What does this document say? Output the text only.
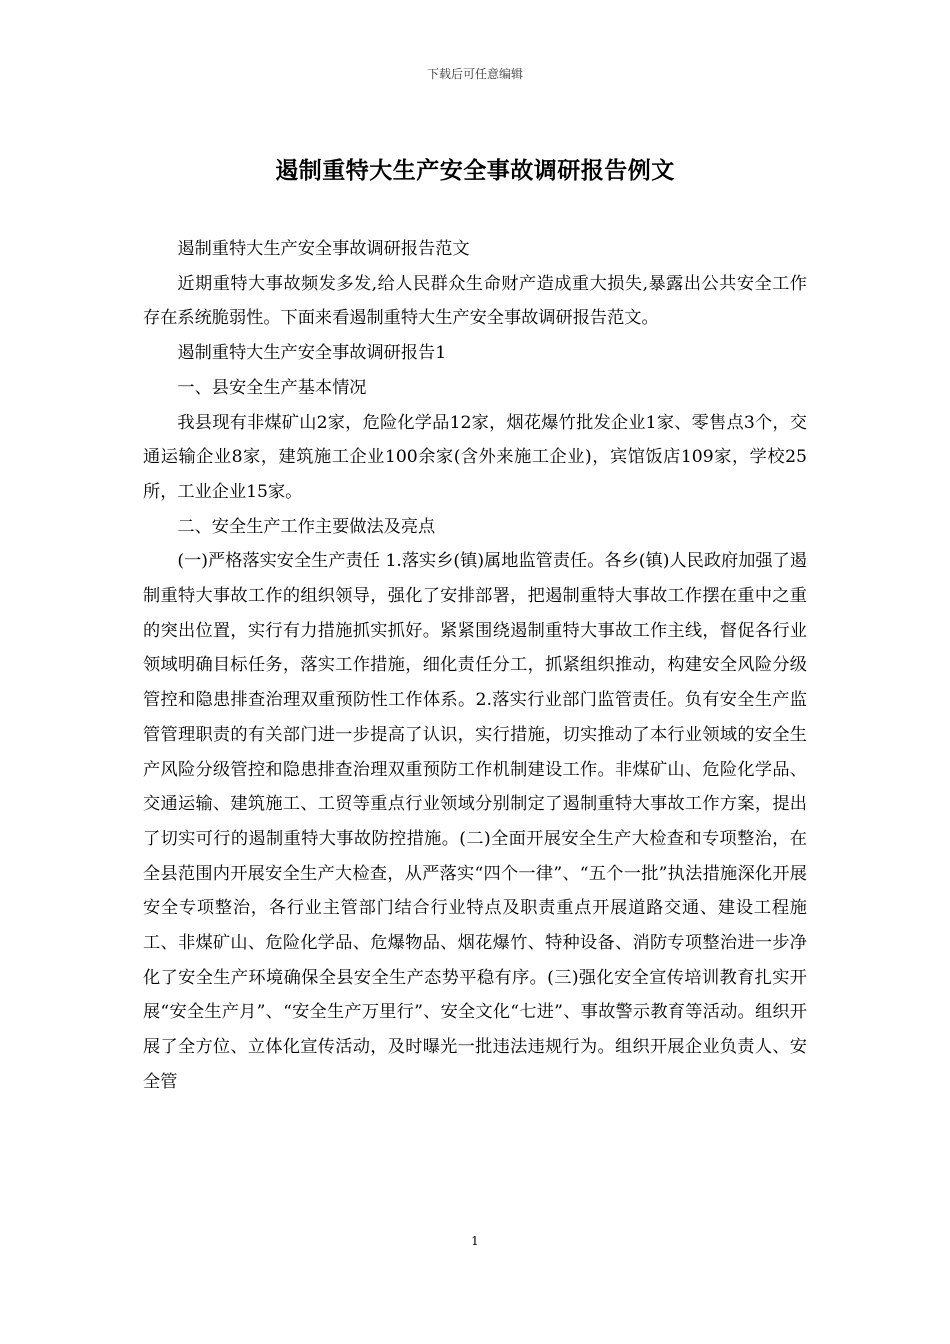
下载后可任意编辑
遏制重特大生产安全事故调研报告例文

遏制重特大生产安全事故调研报告范文

近期重特大事故频发多发,给人民群众生命财产造成重大损失,暴露出公共安全工作存在系统脆弱性。下面来看遏制重特大生产安全事故调研报告范文。

遏制重特大生产安全事故调研报告1

一、县安全生产基本情况

我县现有非煤矿山2家，危险化学品12家，烟花爆竹批发企业1家、零售点3个，交通运输企业8家，建筑施工企业100余家(含外来施工企业)，宾馆饭店109家，学校25所，工业企业15家。

二、安全生产工作主要做法及亮点

(一)严格落实安全生产责任 1.落实乡(镇)属地监管责任。各乡(镇)人民政府加强了遏制重特大事故工作的组织领导，强化了安排部署，把遏制重特大事故工作摆在重中之重的突出位置，实行有力措施抓实抓好。紧紧围绕遏制重特大事故工作主线，督促各行业领域明确目标任务，落实工作措施，细化责任分工，抓紧组织推动，构建安全风险分级管控和隐患排查治理双重预防性工作体系。2.落实行业部门监管责任。负有安全生产监管管理职责的有关部门进一步提高了认识，实行措施，切实推动了本行业领域的安全生产风险分级管控和隐患排查治理双重预防工作机制建设工作。非煤矿山、危险化学品、交通运输、建筑施工、工贸等重点行业领域分别制定了遏制重特大事故工作方案，提出了切实可行的遏制重特大事故防控措施。(二)全面开展安全生产大检查和专项整治，在全县范围内开展安全生产大检查，从严落实“四个一律”、“五个一批”执法措施深化开展安全专项整治，各行业主管部门结合行业特点及职责重点开展道路交通、建设工程施工、非煤矿山、危险化学品、危爆物品、烟花爆竹、特种设备、消防专项整治进一步净化了安全生产环境确保全县安全生产态势平稳有序。(三)强化安全宣传培训教育扎实开展“安全生产月”、“安全生产万里行”、安全文化“七进”、事故警示教育等活动。组织开展了全方位、立体化宣传活动，及时曝光一批违法违规行为。组织开展企业负责人、安全管

1
